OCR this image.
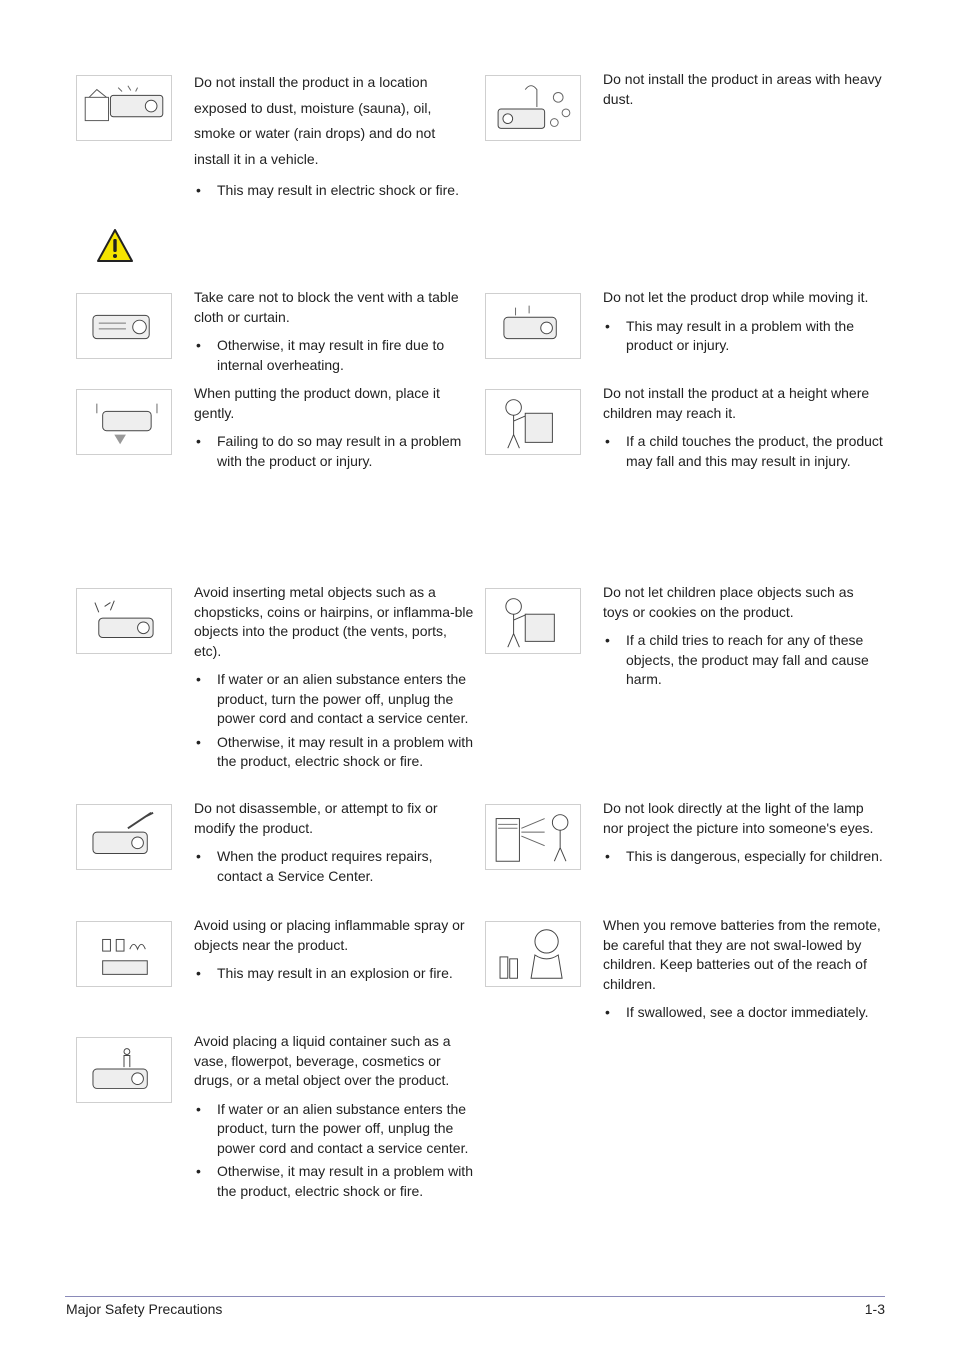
Do not install the product in a location exposed to dust, moisture (sauna), oil, smoke or water (rain drops) and do not install it in a vehicle.

• This may result in electric shock or fire.

Do not install the product in areas with heavy dust.

Take care not to block the vent with a table cloth or curtain.

• Otherwise, it may result in fire due to internal overheating.

Do not let the product drop while moving it.

• This may result in a problem with the product or injury.

When putting the product down, place it gently.

• Failing to do so may result in a problem with the product or injury.

Do not install the product at a height where children may reach it.

• If a child touches the product, the product may fall and this may result in injury.

Avoid inserting metal objects such as a chopsticks, coins or hairpins, or inflamma-ble objects into the product (the vents, ports, etc).

• If water or an alien substance enters the product, turn the power off, unplug the power cord and contact a service center.
• Otherwise, it may result in a problem with the product, electric shock or fire.

Do not let children place objects such as toys or cookies on the product.

• If a child tries to reach for any of these objects, the product may fall and cause harm.

Do not disassemble, or attempt to fix or modify the product.

• When the product requires repairs, contact a Service Center.

Do not look directly at the light of the lamp nor project the picture into someone's eyes.

• This is dangerous, especially for children.

Avoid using or placing inflammable spray or objects near the product.

• This may result in an explosion or fire.

When you remove batteries from the remote, be careful that they are not swal-lowed by children. Keep batteries out of the reach of children.

• If swallowed, see a doctor immediately.

Avoid placing a liquid container such as a vase, flowerpot, beverage, cosmetics or drugs, or a metal object over the product.

• If water or an alien substance enters the product, turn the power off, unplug the power cord and contact a service center.
• Otherwise, it may result in a problem with the product, electric shock or fire.
Major Safety Precautions	1-3
